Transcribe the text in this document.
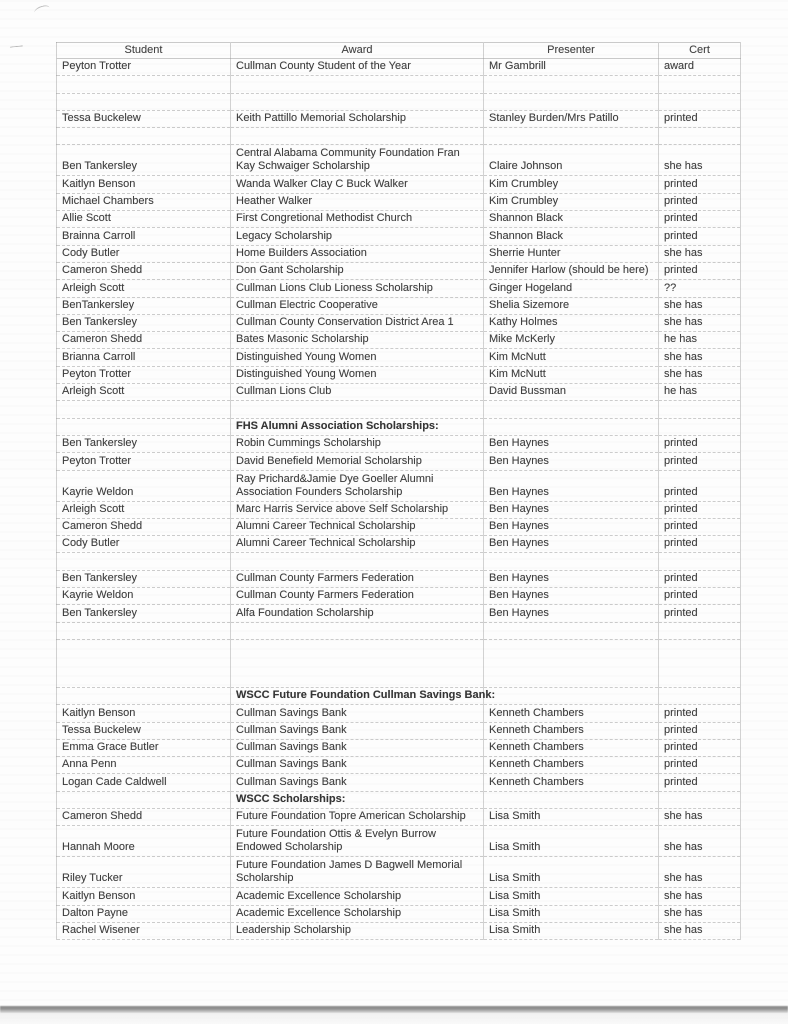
Student	Award	Presenter	Cert
Peyton Trotter	Cullman County Student of the Year	Mr Gambrill	award

Tessa Buckelew	Keith Pattillo Memorial Scholarship	Stanley Burden/Mrs Patillo	printed

Ben Tankersley	Central Alabama Community Foundation Fran Kay Schwaiger Scholarship	Claire Johnson	she has
Kaitlyn Benson	Wanda Walker Clay C Buck Walker	Kim Crumbley	printed
Michael Chambers	Heather Walker	Kim Crumbley	printed
Allie Scott	First Congretional Methodist Church	Shannon Black	printed
Brainna Carroll	Legacy Scholarship	Shannon Black	printed
Cody Butler	Home Builders Association	Sherrie Hunter	she has
Cameron Shedd	Don Gant Scholarship	Jennifer Harlow (should be here)	printed
Arleigh Scott	Cullman Lions Club Lioness Scholarship	Ginger Hogeland	??
BenTankersley	Cullman Electric Cooperative	Shelia Sizemore	she has
Ben Tankersley	Cullman County Conservation District Area 1	Kathy Holmes	she has
Cameron Shedd	Bates Masonic Scholarship	Mike McKerly	he has
Brianna Carroll	Distinguished Young Women	Kim McNutt	she has
Peyton Trotter	Distinguished Young Women	Kim McNutt	she has
Arleigh Scott	Cullman Lions Club	David Bussman	he has

	FHS Alumni Association Scholarships:		
Ben Tankersley	Robin Cummings Scholarship	Ben Haynes	printed
Peyton Trotter	David Benefield Memorial Scholarship	Ben Haynes	printed
Kayrie Weldon	Ray Prichard&Jamie Dye Goeller Alumni Association Founders Scholarship	Ben Haynes	printed
Arleigh Scott	Marc Harris Service above Self Scholarship	Ben Haynes	printed
Cameron Shedd	Alumni Career Technical Scholarship	Ben Haynes	printed
Cody Butler	Alumni Career Technical Scholarship	Ben Haynes	printed

Ben Tankersley	Cullman County Farmers Federation	Ben Haynes	printed
Kayrie Weldon	Cullman County Farmers Federation	Ben Haynes	printed
Ben Tankersley	Alfa Foundation Scholarship	Ben Haynes	printed

	WSCC Future Foundation Cullman Savings Bank:		
Kaitlyn Benson	Cullman Savings Bank	Kenneth Chambers	printed
Tessa Buckelew	Cullman Savings Bank	Kenneth Chambers	printed
Emma Grace Butler	Cullman Savings Bank	Kenneth Chambers	printed
Anna Penn	Cullman Savings Bank	Kenneth Chambers	printed
Logan Cade Caldwell	Cullman Savings Bank	Kenneth Chambers	printed
	WSCC Scholarships:		
Cameron Shedd	Future Foundation Topre American Scholarship	Lisa Smith	she has
Hannah Moore	Future Foundation Ottis & Evelyn Burrow Endowed Scholarship	Lisa Smith	she has
Riley Tucker	Future Foundation James D Bagwell Memorial Scholarship	Lisa Smith	she has
Kaitlyn Benson	Academic Excellence Scholarship	Lisa Smith	she has
Dalton Payne	Academic Excellence Scholarship	Lisa Smith	she has
Rachel Wisener	Leadership Scholarship	Lisa Smith	she has
